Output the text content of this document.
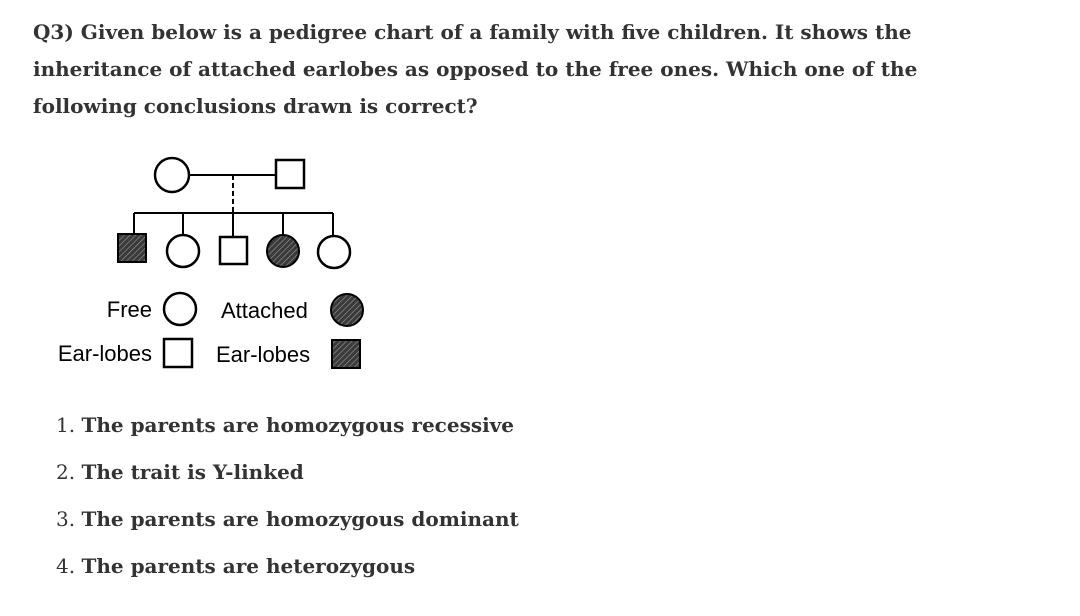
Q3) Given below is a pedigree chart of a family with five children. It shows the inheritance of attached earlobes as opposed to the free ones. Which one of the following conclusions drawn is correct?

Free	Attached
Ear-lobes	Ear-lobes
1. The parents are homozygous recessive
2. The trait is Y-linked
3. The parents are homozygous dominant
4. The parents are heterozygous
